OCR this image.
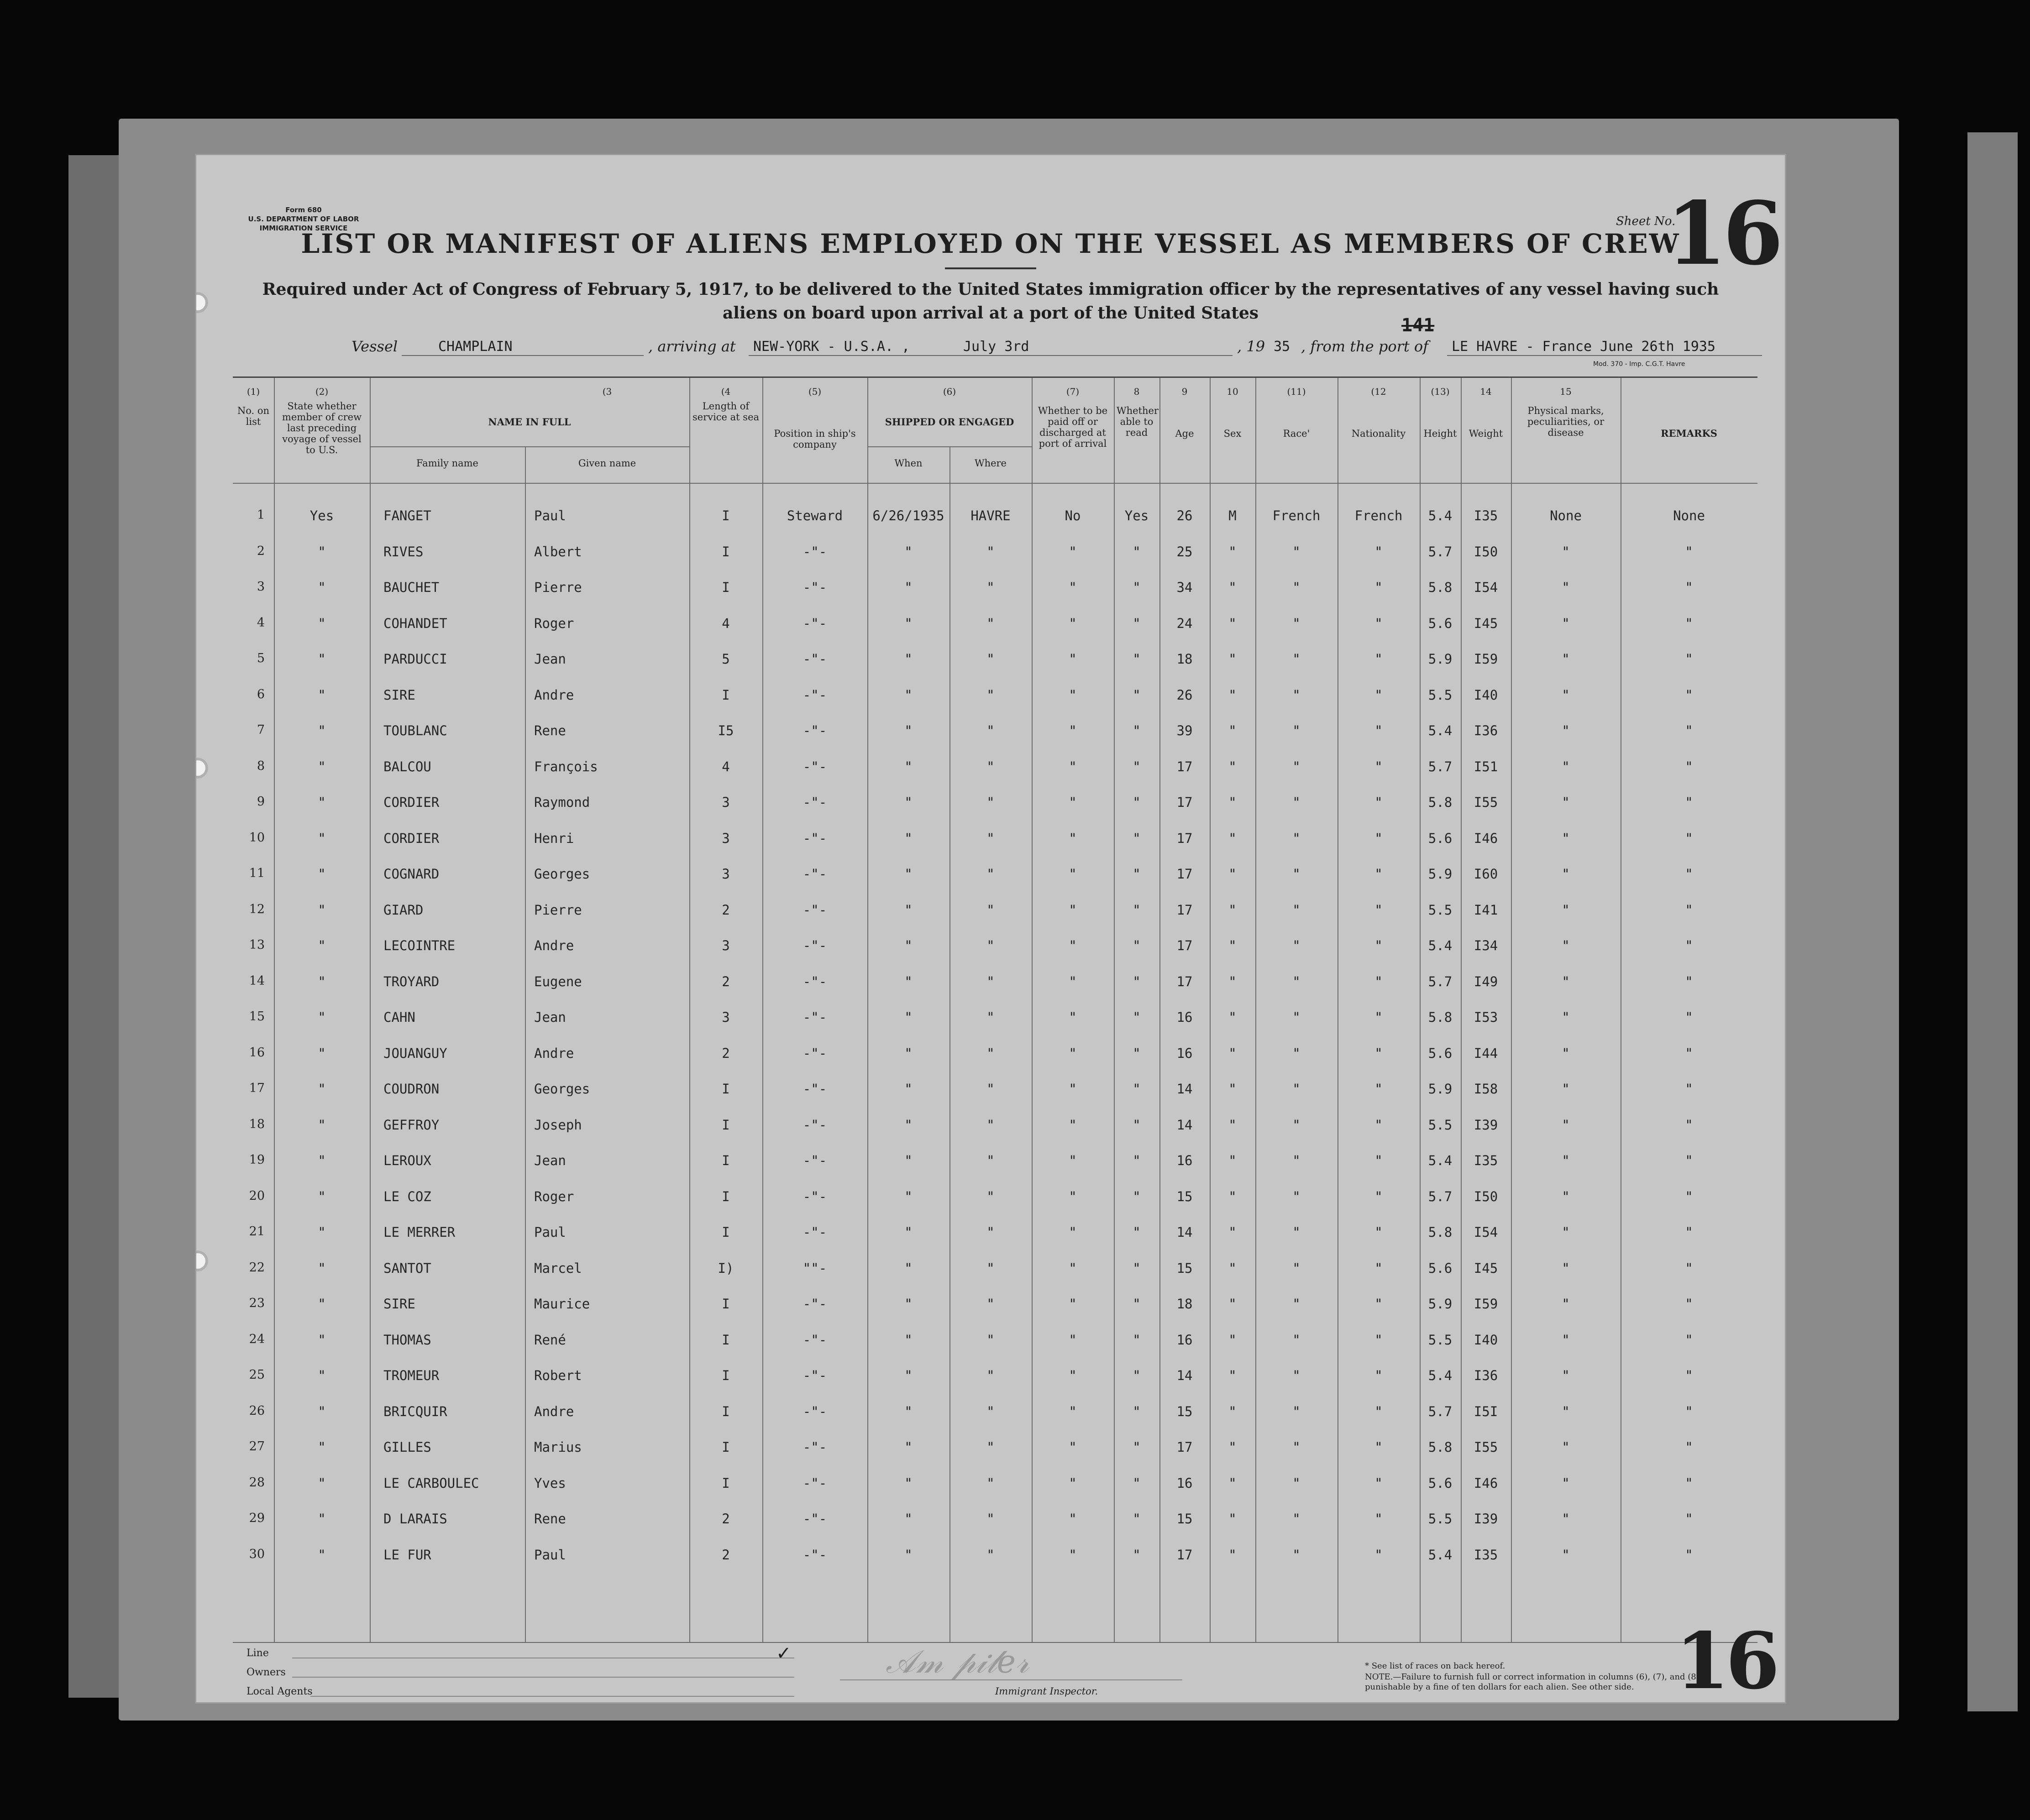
Form 680
U.S. DEPARTMENT OF LABOR
IMMIGRATION SERVICE	Sheet No.
16
LIST OR MANIFEST OF ALIENS EMPLOYED ON THE VESSEL AS MEMBERS OF CREW
Required under Act of Congress of February 5, 1917, to be delivered to the United States immigration officer by the representatives of any vessel having such aliens on board upon arrival at a port of the United States
141
Vessel	CHAMPLAIN	, arriving at NEW-YORK - U.S.A. ,	July 3rd	, 19 35 , from the port of LE HAVRE - France June 26th 1935
Mod. 370 - Imp. C.G.T. Havre
(1)	(2)	(3	(4	(5)	(6)	(7)	8	9	10	(11)	(12	(13)	14	15
No. on list
State whether member of crew last preceding voyage of vessel to U.S.
NAME IN FULL
Family name	Given name
Length of service at sea
Position in ship's company
SHIPPED OR ENGAGED
When	Where
Whether to be paid off or discharged at port of arrival
Whether able to read	Age	Sex	Race'	Nationality	Height	Weight
Physical marks, peculiarities, or disease	REMARKS
1	Yes	FANGET	Paul	I	Steward	6/26/1935	HAVRE	No	Yes	26	M	French	French	5.4	I35	None	None
2	"	RIVES	Albert	I	-"-	"	"	"	"	25	"	"	"	5.7	I50	"	"
3	"	BAUCHET	Pierre	I	-"-	"	"	"	"	34	"	"	"	5.8	I54	"	"
4	"	COHANDET	Roger	4	-"-	"	"	"	"	24	"	"	"	5.6	I45	"	"
5	"	PARDUCCI	Jean	5	-"-	"	"	"	"	18	"	"	"	5.9	I59	"	"
6	"	SIRE	Andre	I	-"-	"	"	"	"	26	"	"	"	5.5	I40	"	"
7	"	TOUBLANC	Rene	I5	-"-	"	"	"	"	39	"	"	"	5.4	I36	"	"
8	"	BALCOU	François	4	-"-	"	"	"	"	17	"	"	"	5.7	I51	"	"
9	"	CORDIER	Raymond	3	-"-	"	"	"	"	17	"	"	"	5.8	I55	"	"
10	"	CORDIER	Henri	3	-"-	"	"	"	"	17	"	"	"	5.6	I46	"	"
11	"	COGNARD	Georges	3	-"-	"	"	"	"	17	"	"	"	5.9	I60	"	"
12	"	GIARD	Pierre	2	-"-	"	"	"	"	17	"	"	"	5.5	I41	"	"
13	"	LECOINTRE	Andre	3	-"-	"	"	"	"	17	"	"	"	5.4	I34	"	"
14	"	TROYARD	Eugene	2	-"-	"	"	"	"	17	"	"	"	5.7	I49	"	"
15	"	CAHN	Jean	3	-"-	"	"	"	"	16	"	"	"	5.8	I53	"	"
16	"	JOUANGUY	Andre	2	-"-	"	"	"	"	16	"	"	"	5.6	I44	"	"
17	"	COUDRON	Georges	I	-"-	"	"	"	"	14	"	"	"	5.9	I58	"	"
18	"	GEFFROY	Joseph	I	-"-	"	"	"	"	14	"	"	"	5.5	I39	"	"
19	"	LEROUX	Jean	I	-"-	"	"	"	"	16	"	"	"	5.4	I35	"	"
20	"	LE COZ	Roger	I	-"-	"	"	"	"	15	"	"	"	5.7	I50	"	"
21	"	LE MERRER	Paul	I	-"-	"	"	"	"	14	"	"	"	5.8	I54	"	"
22	"	SANTOT	Marcel	I)	""-	"	"	"	"	15	"	"	"	5.6	I45	"	"
23	"	SIRE	Maurice	I	-"-	"	"	"	"	18	"	"	"	5.9	I59	"	"
24	"	THOMAS	René	I	-"-	"	"	"	"	16	"	"	"	5.5	I40	"	"
25	"	TROMEUR	Robert	I	-"-	"	"	"	"	14	"	"	"	5.4	I36	"	"
26	"	BRICQUIR	Andre	I	-"-	"	"	"	"	15	"	"	"	5.7	I5I	"	"
27	"	GILLES	Marius	I	-"-	"	"	"	"	17	"	"	"	5.8	I55	"	"
28	"	LE CARBOULEC	Yves	I	-"-	"	"	"	"	16	"	"	"	5.6	I46	"	"
29	"	D LARAIS	Rene	2	-"-	"	"	"	"	15	"	"	"	5.5	I39	"	"
30	"	LE FUR	Paul	2	-"-	"	"	"	"	17	"	"	"	5.4	I35	"	"
Line
Owners
Local Agents
✓	𝒜𝓂 𝓅𝒾𝓁𝑒𝓇
Immigrant Inspector.
* See list of races on back hereof.
NOTE.—Failure to furnish full or correct information in columns (6), (7), and (8) is punishable by a fine of ten dollars for each alien. See other side. 16
